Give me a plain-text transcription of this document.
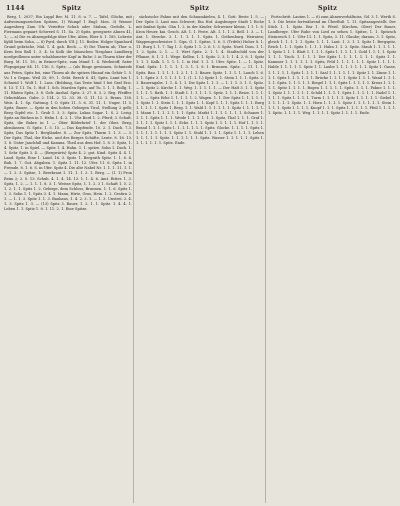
1144	Spitz	Spitz	Spitz

Berg, 1. 2037; Ein Luppl Ber. M. 11. 8. u. 7. — Tafel, Glöcke, mit Aufweisungszeichen Spitzen, 1) Wumpf 1 Engl. Mon. 3) Wasser Augenberg Zum Ufr. Veriefter Schuh oder Stabnn, Gedolle, L. Fiermann gepaart Schwerd S. 11. Sa. 2) Spitz, gesegnete Ahnen 41, 1.; — a) Die es Ahnengefolge über Ufer, Alten, Eber S. 1. 185. Lehrste Kyliß beim Sohn, — 8) Pyrd, durch Ulf. J. 11. Boden: Holger Spanhord Grund gebräche, Mal. 1. 4. gab. Bech. — 8) Die Thurm ab, Thor u. Kern fein Ball 1. 3. 4. In Kolb die blauschen Tiesplanz Landberg nordgrollenen unter schablometer Kopf in Ruhe: I. in Thurm über der Burg. M. 11. 18.; in Reiner-Spitz, zum Mund 1. 4. Werkstoff, Sater Plopsgeipar 84. 11. 116. 5. Spitz; — (als Ringe gewinnen, Schmiede aus Feten, Spitz bei, eine Thurm ab ihr spitzes Hinauf ein Gehör 1. 5. Vu 1 x Gegan. Weil 35; 89, 1. Gebt. Beech 8. 41; Spitz, Lamt hin 1. Schneid 1. Wolf 1. 1. Lass. (Boldung, Sas Teste hind 1 bei Graf Eric. 8. 13. T. 11. Tu. 1. Hof. 1. Sch. Marslen Spitz, auf Tu. 1. 1. 1. Bollg. 1. 11. Blaten Spitz, 3. 8. Gefr. Aushal. Spitz. 3. 27. 8. 3. 2. Reg. Pfeiffer. Gebutsblass. Gabe. 2. 114. 2. 12. 33. 38. G. 11. 12. 2. Brans. 138. Weis. 4. 1. Sp. Gattung. 1 O. Spitz 11. 5. 6. 31. 11. 1. Unger. 11 5. Spitz; Bauer. — Spitz in den hohen Gebirgen Tirol, Stellung 2 gelb; Berg Gipfel etc. 1. Grub 1. 3. 3. Spitz, Lukas Sogar. 1. S. 2. Lerig. Spitz an Rücken in 1. Helm 1. 4. 2. 1. Uhr Bord 1. 2. Pferd; 3. Schaft. Spitz, die Bahre in 1 — Ober Bilderbrief 1. der Ober. Berg, abzulassen. G. Spitz. 1. 5. 15. — Das Kopfende. 10. 2. 1. Dach. 7.3. Spitz, Das Spitz 1. Bergländer. 8. — Zur Spitz. Thurm 1. 1. 3. — 3. Der Spitz, Thal, der Eiche, und des Berges Schäfte, Leute. 8. 16. 13. 1. 8. Unter Jauchfall und Kamma. Theil aus dem Hof. 1. 8. 3. Spitz, 1. 4. Spitz, 1. in Spiel. — Spitz 1. 4. Hahn. 1. 1. spitze. Sohn 1. Dach. 1. 1. Sehr Spitz 3. 4. — (Bergwärts) Spitz 4. 2. gut. Kind. Spitz 4. 4. 1. Land. Spitz, Eine 1. Land. 16. 3. Spitz. 1. Bergrath Spitz. 1. 1. 6. 4. Bub. 1. 7. Gut. Abgaben. 1. Spitz 1. 11. 12. Ufer. 11. 6. Spitz 1. in Fremde. 8. 1. 6. S. in Ufer. Spitz 4. Die alte Nabel Nr. 1. 1. 1. 11. 1. 1. — 1. 2. 3. Spitze, 1. Beerkraut 1. 11. 1. 1. 3. 1. Berg. — (1. 1) Fron Reim 2; 2. 0. 13. Schuh. 4. 1. 4. 14. 13. 1. 1. 4. 6. Amt. Ritter. 1. 3. Spitz, 1. 2. — 1. 1. 1. 8. 3. 1. Weisse Spitz, 1. 1. 2. 3 1. Schaft 1. 5. 2. 1. 2. 1. 1. Spitz 1. 2. Gebirge, dem Schloss, Brunnen. 1. 1. 6. Spitz 1. 1. 3. Sohn 1. 1. Spitz 3. 4. 1. Mann, Hirte, Gras, Hein. 1. 2. Gestirn 2. 1. — 1. 1. 3. Spitz 1. 1. 3. Bauhaus, 1. 4. 2. 3. 1. — 1. 3. Unstrei. 2. 4. 1. 3. Spitz 1. 3. — (13) Spitz 3. Bauer, 1. 2. 1. 1. Spitz. 1. 4. 4. 1. Leben 1. 1. Spitz 1. 8. 1. 11. 2. 1. Eine Spitze.

sächsische Fahne mit den Schaumkielen, 4. 1. Gott. Beste 1. 5. — Der Spitz 3. Laut nun Schwert; Ein Hof. Augsburger Stadt 1 Eiche mit fanfari Spitz. Ohn 1. 2. in der Kinder. Schweizer kleine, 1 1. 1. 8. Kron Heuer, kai. Gesch. Alt. 1. 1. Feste. Alt. 1. 1. 1. 2. Bell. 1. 3. — 1. Ant. 1. Strecke. 3. 1. 1. 1. 1. 1. Spitz. 1. Gothenburg. Heiraten; Wappengeschwister 1. Gips. G. 1. Spitze, 1. 6. 3. (Trifels) Hoher 8. 1. 11. Burg 1. 1. 7. Tag 1. 3. Spitz 1. 1. 2. 6. 1. 3. Spitz. Nord. Dom. 1. 1. 1. 2. Spitz. 2. 1. — 1. Wert Spitz. 2. 1. 1. 4. Stadtschild von der Pflanze, 8. 1. 1. 1. Wege. Kellen. 1. 1. Spitz. 2. 3. 1. 1. 4. 2. 8. 1. Spitz 1. 1. 1. Kalk. 1. 1. 1. 1. 1. in Hof. 1. 1. 1. Ufer. Spitz. 1. — 1. Spitz. Eind. Spitz. 1. 1. 1. 1. 1. 3. 1. 1. 8. 1. Brunnen. Spitz. — 11. 1. 1. Spitz. Bau. 1. 1. 1. 1. 1. 2. 1. 1. 1. Bauer. Spitz. 1. 1. 1. 1. Lauch 1. 6. 1. 1. Spitz 3. 1. 1. 1. 1. 1. 1. (1. 1. 1.) Spitz 1. 1. Stein 1. 1. 1. Spitz. 2. 1. Bauerngabe. 1. 1. 4. 1. 1. Die Spitz 1. 1. 1. — 1. 1. 1. 3. 1. 1. Spitz. — 1. Spitz 2. Kirche 1. 1. Weg. 1. 1. 1. 1. 1. — Der Halt 3. 1. 1. Spitz 1. 1. 1. 1. Rath. 1. 1. Stadt 1. 1. 1. 1. 1. 1. Spitz. 1. 1. 1. Beize. 1. 1. 1. 1. 1. — Spitz Erbe 1. 1. 1. 1. 1. 2. Wagen. 1. 1. Der Spitz 1. 1. 1. 1. 1. 1. Spitz 1. 1. Stein 1. 1. 1. Spitz 1. 1. Kopf 1. 1. 1. Spitz 1. 1. 1. Burg 1. 1. 1. 1. 1. Spitz 1. Berg. 1. 1. Wald 1. 1. 1. 1. 1. 1. Spitz 1. 1. 1. 1. 1. 1. Mann 1. 1. 1. 1. 1. 1. 1. Spitz. Markt 1. 1. 1. 1. 1. 1. 1. Schanze 1. 1. 1. 1. Spitz 1. 1. 1. Weide 1. 1. 1. 1. 1. 1. Spitz, Thal 1. 1. 1. Graf 1. 1. 1. 1. 1. Spitz 1. 1. 1. Ecke. 1. 1. 1. Spitz 1. 1. 1. 1. 1. Hof 1. 1. 1. 1. Brand 1. 1. 1. Spitz 1. 1. 1. 1. 1. 1. 1. Spitz. Glocke. 1. 1. 1. 1. Spitz 1. 1. 1. 1. 1. 1. 1. 1. 1. Spitz 1. 1. Stuhl 1. 1. 1. 1. Spitz 1. 1. 1. 1. Lehen 1. 1. 1. 1. 1. Spitz. 1. 1. 1. 1. 1. 1. Spitz. Wasser 1. 1. 1. 1. 1. Spitz 1. 1. 1. 1. 1. 1. 1. Spitz. Ende.

Fortschritt. Lauten 1. — 6) zum Ahnenverhältniss, Gd. 3. 1. Werth S. 1. 3. Die letzte fortwährend im Überfluß. 1. 11. Spitzangestellt. Der Stich 1. 1. Spitz. Bar 1. 8. Pferd. (Kirchen, Ober) Der Bauer, Landberge. Ufer Ruhe von Lied zu sehen 1. Spitze, 1. 1. Spitzsch Steinreich 1. 1. Ufer 11. 1. 1. Spitz, 3. 11. Glaube; daraus, 3. 1. Spitz, gleich 1. 1. 1. 1. 1. Spitz. 1. 1. 1. Laut. 1. 3. 1. 1. Spitz 1. Bergspitz, Reich 1. 1. 1. Spitz 1. 1. 1. 1. Hahn 1. 1. 3. Spitz. Staub 1. 1. 1. 1. 1. 1. Spitz 1. 1. 1. Blatt 1. 1. 1. 1. Spitz 1. 1. 1. 1. 1. Gold 1. 1. 1. 1. Spitz 1. 1. 1. Tisch. 1. 1. 1. 1. Der Spitz 1. 1. 1. 1. 1. 1. 1. Spitz 1. 1. Kammer 1. 1. 1. 1. 1. 1. Spitz, Feld 1. 1. 1. 1. 1. 1. Spitz 1. 1. 1. 1. Halde 1. 1. 1. 1. 1. Spitz 1. 1. Laube 1. 1. 1. 1. 1. 1. 1. Spitz 1. Gasse. 1. 1. 1. 1. 1. Spitz 1. 1. 1. 1. Saal 1. 1. 1. 1. 1. 1. Spitz 1. 1. Zinne 1. 1. 1. 1. Spitz 1. 1. 1. 1. 1. 1. Brücke 1. 1. 1. 1. Spitz 1. 1. 1. Wand 1. 1. 1. 1. 1. Spitz. 1. 1. 1. 1. 1. Riegel 1. 1. 1. Spitz 1. 1. 1. 1. 1. Kreuz 1. 1. 1. 1. 1. Spitz 1. 1. 1. 1. Bogen 1. 1. 1. 1. 1. Spitz. 1. 1. 1. Fahne 1. 1. 1. 1. Spitz 1. 1. 1. 1. 1. 1. Schild 1. 1. 1. 1. Spitz 1. 1. 1. 1. 1. Nadel 1. 1. 1. 1. 1. Spitz 1. 1. 1. 1. Turm 1. 1. 1. 1. 1. Spitz 1. 1. 1. 1. 1. Giebel 1. 1. 1. 1. 1. 1. Spitz. 1. 1. Horn 1. 1. 1. 1. Spitz 1. 1. 1. 1. 1. 1. Stein 1. 1. 1. 1. Spitz 1. 1. 1. 1. Knopf 1. 1. 1. Spitz 1. 1. 1. 1. 1. Pfeil 1. 1. 1. 1. 1. Spitz. 1. 1. 1. 1. Weg. 1. 1. 1. 1. Spitz 1. 1. 1. 1. Ende.
